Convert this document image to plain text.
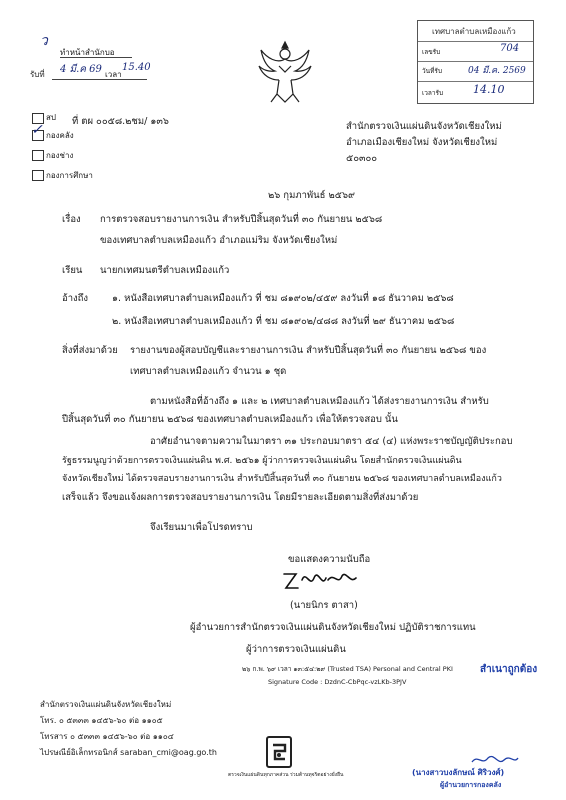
ว
ทำหน้าสำนักบอ
รับที่ 4 มี.ค 69 เวลา
15.40
สป
✓ กองคลัง
กองช่าง
กองการศึกษา
เทศบาลตำบลเหมืองแก้ว
เลขรับ	704
วันที่รับ	04 มี.ค. 2569
เวลารับ	14.10
ที่ ตผ ๐๐๕๘.๒ชม/ ๑๓๖	สำนักตรวจเงินแผ่นดินจังหวัดเชียงใหม่
อำเภอเมืองเชียงใหม่ จังหวัดเชียงใหม่
๕๐๓๐๐
๒๖ กุมภาพันธ์ ๒๕๖๙
เรื่อง การตรวจสอบรายงานการเงิน สำหรับปีสิ้นสุดวันที่ ๓๐ กันยายน ๒๕๖๘
ของเทศบาลตำบลเหมืองแก้ว อำเภอแม่ริม จังหวัดเชียงใหม่
เรียน นายกเทศมนตรีตำบลเหมืองแก้ว
อ้างถึง	๑. หนังสือเทศบาลตำบลเหมืองแก้ว ที่ ชม ๘๑๙๐๒/๔๕๙ ลงวันที่ ๑๘ ธันวาคม ๒๕๖๘
๒. หนังสือเทศบาลตำบลเหมืองแก้ว ที่ ชม ๘๑๙๐๒/๔๘๘ ลงวันที่ ๒๙ ธันวาคม ๒๕๖๘
สิ่งที่ส่งมาด้วย รายงานของผู้สอบบัญชีและรายงานการเงิน สำหรับปีสิ้นสุดวันที่ ๓๐ กันยายน ๒๕๖๘ ของ
เทศบาลตำบลเหมืองแก้ว จำนวน ๑ ชุด
ตามหนังสือที่อ้างถึง ๑ และ ๒ เทศบาลตำบลเหมืองแก้ว ได้ส่งรายงานการเงิน สำหรับ
ปีสิ้นสุดวันที่ ๓๐ กันยายน ๒๕๖๘ ของเทศบาลตำบลเหมืองแก้ว เพื่อให้ตรวจสอบ นั้น
อาศัยอำนาจตามความในมาตรา ๓๑ ประกอบมาตรา ๕๔ (๔) แห่งพระราชบัญญัติประกอบ
รัฐธรรมนูญว่าด้วยการตรวจเงินแผ่นดิน พ.ศ. ๒๕๖๑ ผู้ว่าการตรวจเงินแผ่นดิน โดยสำนักตรวจเงินแผ่นดิน
จังหวัดเชียงใหม่ ได้ตรวจสอบรายงานการเงิน สำหรับปีสิ้นสุดวันที่ ๓๐ กันยายน ๒๕๖๘ ของเทศบาลตำบลเหมืองแก้ว
เสร็จแล้ว จึงขอแจ้งผลการตรวจสอบรายงานการเงิน โดยมีรายละเอียดตามสิ่งที่ส่งมาด้วย
จึงเรียนมาเพื่อโปรดทราบ
ขอแสดงความนับถือ
(นายนิกร ตาสา)
ผู้อำนวยการสำนักตรวจเงินแผ่นดินจังหวัดเชียงใหม่ ปฏิบัติราชการแทน
ผู้ว่าการตรวจเงินแผ่นดิน
๒๖ ก.พ. ๖๙ เวลา ๑๓:๕๔:๒๙ (Trusted TSA) Personal and Central PKI
Signature Code : DzdnC-CbPqc-vzLKb-3PJV
สำเนาถูกต้อง
สำนักตรวจเงินแผ่นดินจังหวัดเชียงใหม่
โทร. ๐ ๕๓๓๓ ๑๔๕๖-๖๐ ต่อ ๑๑๐๕
โทรสาร ๐ ๕๓๓๓ ๑๔๕๖-๖๐ ต่อ ๑๑๐๔
ไปรษณีย์อิเล็กทรอนิกส์ saraban_cmi@oag.go.th
ตรวจเงินแผ่นดินทุกภาคส่วน ร่วมต้านทุจริตอย่างยั่งยืน	(นางสาวบงลักษณ์ ศิริวงศ์)
ผู้อำนวยการกองคลัง
